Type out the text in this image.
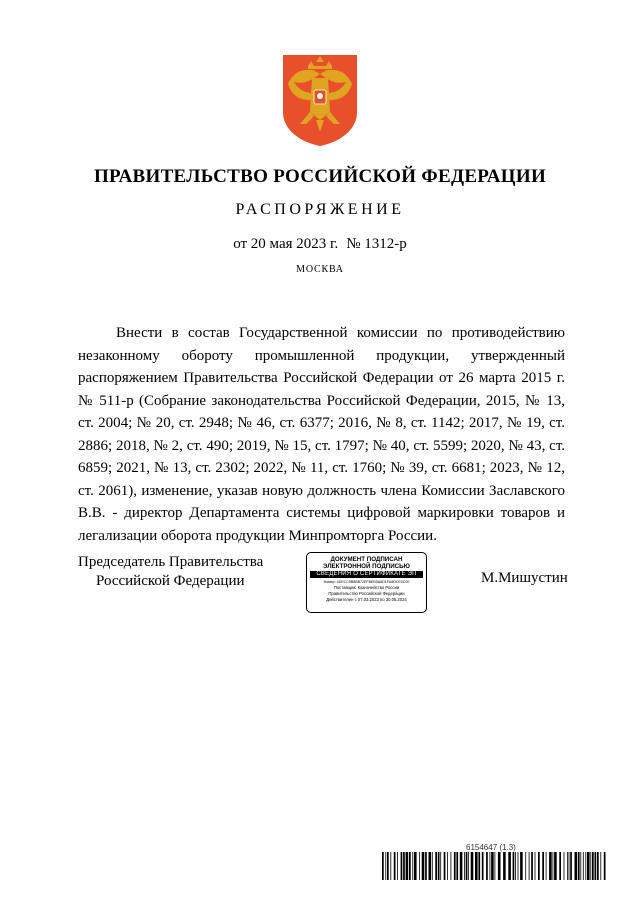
ПРАВИТЕЛЬСТВО РОССИЙСКОЙ ФЕДЕРАЦИИ
РАСПОРЯЖЕНИЕ
от 20 мая 2023 г. № 1312-р
МОСКВА

Внести в состав Государственной комиссии по противодействию незаконному обороту промышленной продукции, утвержденный распоряжением Правительства Российской Федерации от 26 марта 2015 г. № 511-р (Собрание законодательства Российской Федерации, 2015, № 13, ст. 2004; № 20, ст. 2948; № 46, ст. 6377; 2016, № 8, ст. 1142; 2017, № 19, ст. 2886; 2018, № 2, ст. 490; 2019, № 15, ст. 1797; № 40, ст. 5599; 2020, № 43, ст. 6859; 2021, № 13, ст. 2302; 2022, № 11, ст. 1760; № 39, ст. 6681; 2023, № 12, ст. 2061), изменение, указав новую должность члена Комиссии Заславского В.В. - директор Департамента системы цифровой маркировки товаров и легализации оборота продукции Минпромторга России.

Председатель Правительства
Российской Федерации
ДОКУМЕНТ ПОДПИСАН
ЭЛЕКТРОННОЙ ПОДПИСЬЮ
СВЕДЕНИЯ О СЕРТИФИКАТЕ ЭП
Номер: 4DECC5B8BB72EFBEB0A6D1FA8DCE0C00
Поставщик: Казначейство России
Правительство Российской Федерации
Действителен с 07.03.2023 по 30.05.2024
М.Мишустин
6154647 (1.3)
